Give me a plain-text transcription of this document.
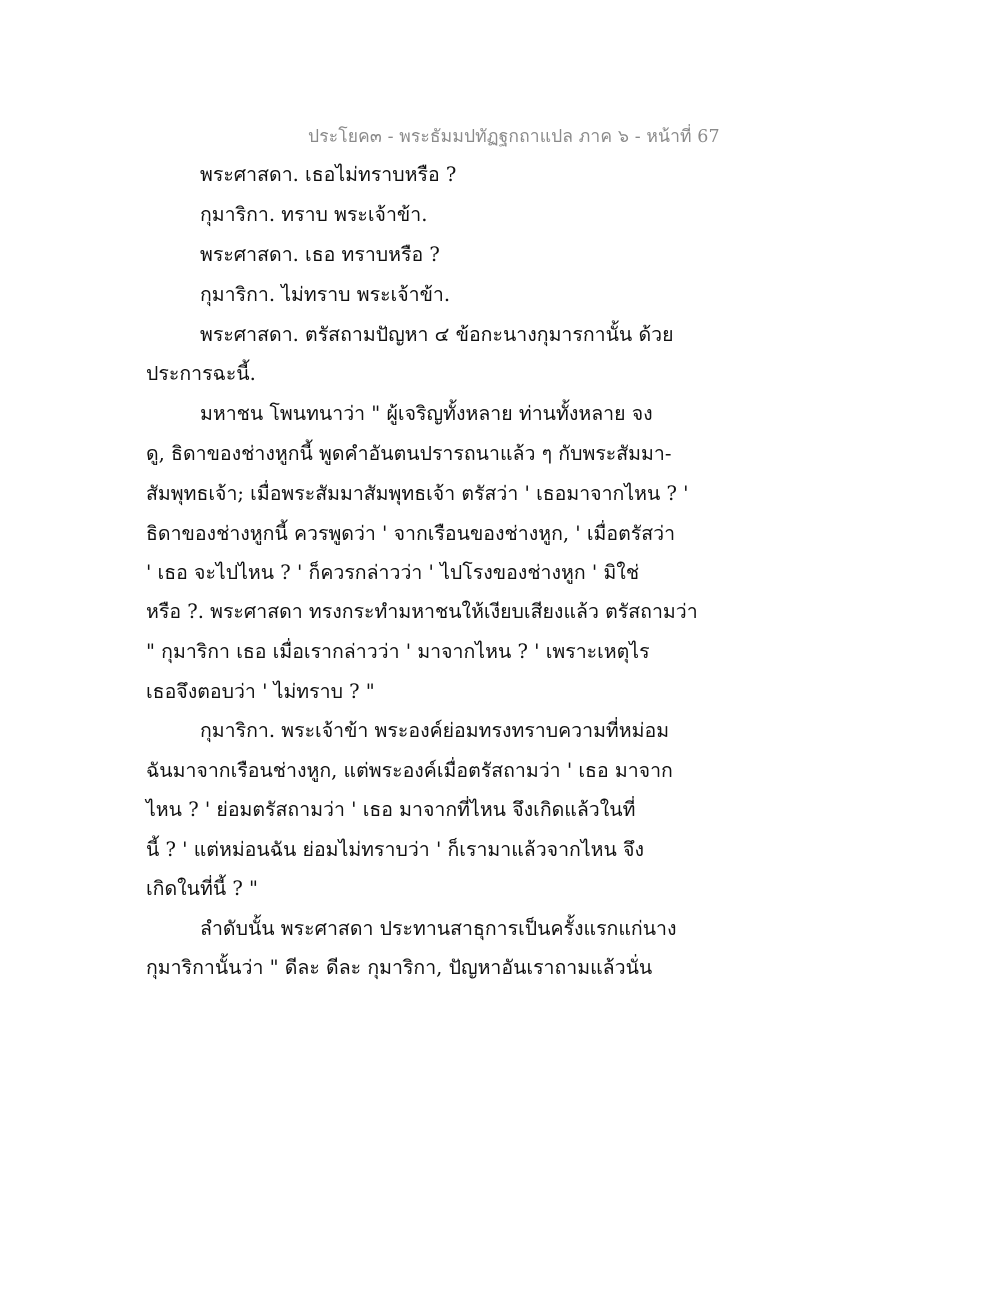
ประโยค๓ - พระธัมมปทัฏฐกถาแปล ภาค ๖ - หน้าที่ 67
พระศาสดา. เธอไม่ทราบหรือ ?
กุมาริกา. ทราบ พระเจ้าข้า.
พระศาสดา. เธอ ทราบหรือ ?
กุมาริกา. ไม่ทราบ พระเจ้าข้า.
พระศาสดา. ตรัสถามปัญหา ๔ ข้อกะนางกุมารกานั้น ด้วย
ประการฉะนี้.
มหาชน โพนทนาว่า " ผู้เจริญทั้งหลาย ท่านทั้งหลาย จง
ดู, ธิดาของช่างหูกนี้ พูดคำอันตนปรารถนาแล้ว ๆ กับพระสัมมา-
สัมพุทธเจ้า; เมื่อพระสัมมาสัมพุทธเจ้า ตรัสว่า ' เธอมาจากไหน ? '
ธิดาของช่างหูกนี้ ควรพูดว่า ' จากเรือนของช่างหูก, ' เมื่อตรัสว่า
' เธอ จะไปไหน ? ' ก็ควรกล่าวว่า ' ไปโรงของช่างหูก ' มิใช่
หรือ ?. พระศาสดา ทรงกระทำมหาชนให้เงียบเสียงแล้ว ตรัสถามว่า
" กุมาริกา เธอ เมื่อเรากล่าวว่า ' มาจากไหน ? ' เพราะเหตุไร
เธอจึงตอบว่า ' ไม่ทราบ ? "
กุมาริกา. พระเจ้าข้า พระองค์ย่อมทรงทราบความที่หม่อม
ฉันมาจากเรือนช่างหูก, แต่พระองค์เมื่อตรัสถามว่า ' เธอ มาจาก
ไหน ? ' ย่อมตรัสถามว่า ' เธอ มาจากที่ไหน จึงเกิดแล้วในที่
นี้ ? ' แต่หม่อนฉัน ย่อมไม่ทราบว่า ' ก็เรามาแล้วจากไหน จึง
เกิดในที่นี้ ? "
ลำดับนั้น พระศาสดา ประทานสาธุการเป็นครั้งแรกแก่นาง
กุมาริกานั้นว่า " ดีละ ดีละ กุมาริกา, ปัญหาอันเราถามแล้วนั่น
